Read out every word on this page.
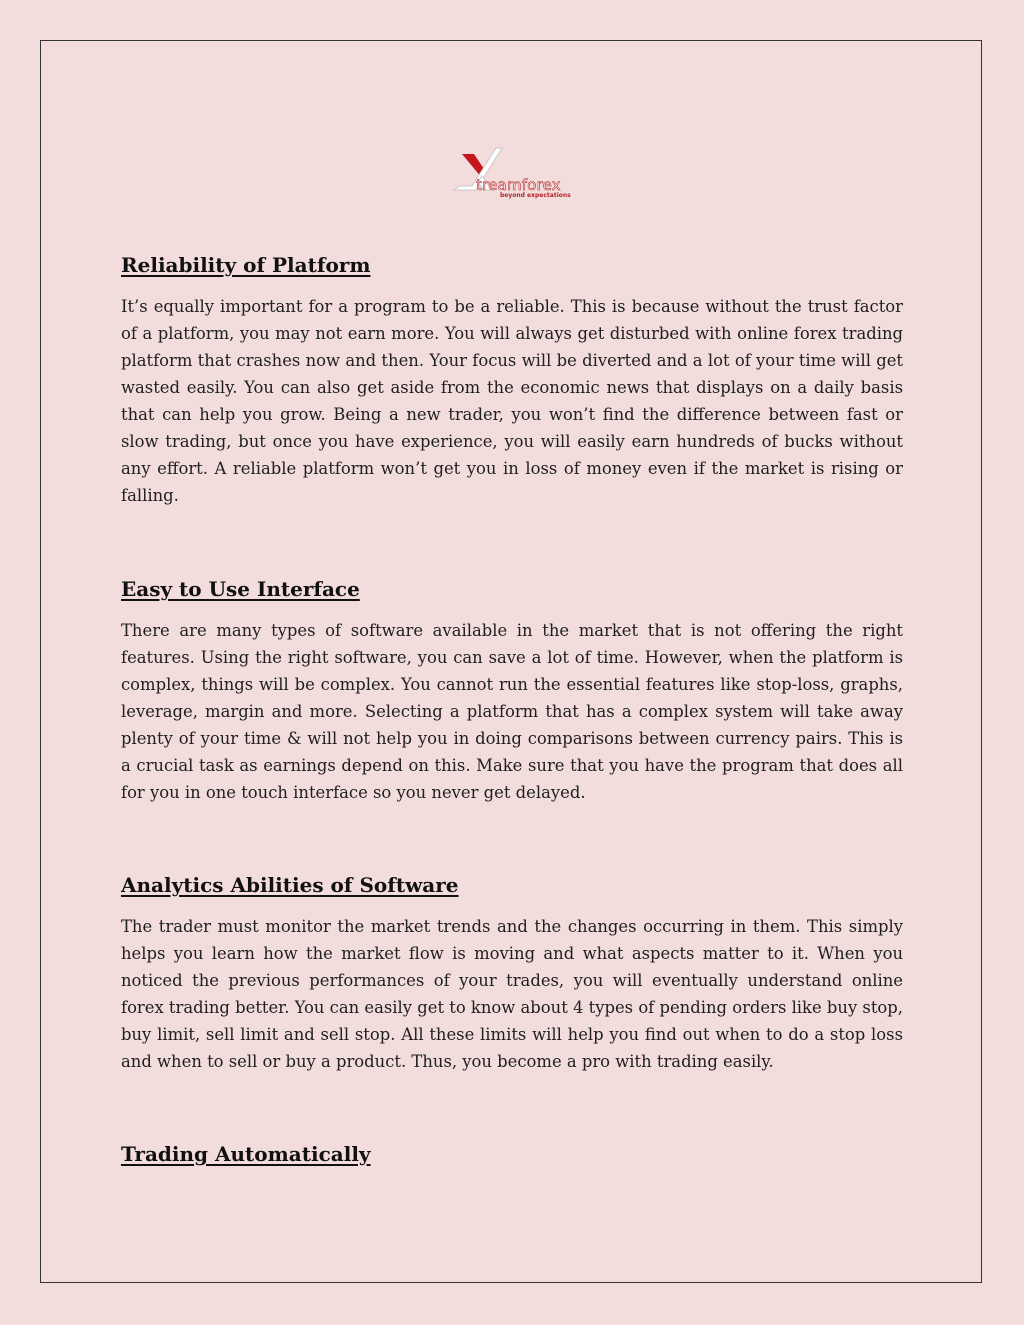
treamforex
beyond expectations
Reliability of Platform

It’s equally important for a program to be a reliable. This is because without the trust factor of a platform, you may not earn more. You will always get disturbed with online forex trading platform that crashes now and then. Your focus will be diverted and a lot of your time will get wasted easily. You can also get aside from the economic news that displays on a daily basis that can help you grow. Being a new trader, you won’t find the difference between fast or slow trading, but once you have experience, you will easily earn hundreds of bucks without any effort. A reliable platform won’t get you in loss of money even if the market is rising or falling.

Easy to Use Interface

There are many types of software available in the market that is not offering the right features. Using the right software, you can save a lot of time. However, when the platform is complex, things will be complex. You cannot run the essential features like stop-loss, graphs, leverage, margin and more. Selecting a platform that has a complex system will take away plenty of your time & will not help you in doing comparisons between currency pairs. This is a crucial task as earnings depend on this. Make sure that you have the program that does all for you in one touch interface so you never get delayed.

Analytics Abilities of Software

The trader must monitor the market trends and the changes occurring in them. This simply helps you learn how the market flow is moving and what aspects matter to it. When you noticed the previous performances of your trades, you will eventually understand online forex trading better. You can easily get to know about 4 types of pending orders like buy stop, buy limit, sell limit and sell stop. All these limits will help you find out when to do a stop loss and when to sell or buy a product. Thus, you become a pro with trading easily.

Trading Automatically
